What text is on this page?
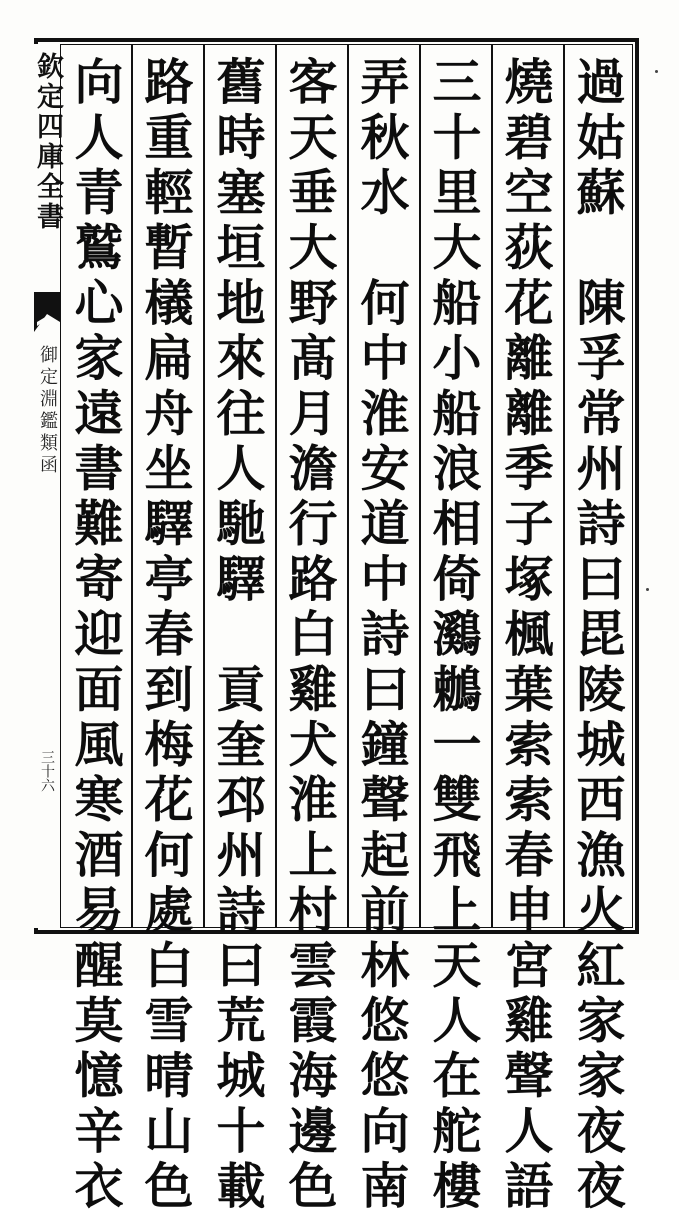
欽定四庫全書
御定淵鑑類函
三十六	過姑蘇　陳孚常州詩曰毘陵城西漁火紅家家夜夜
燒碧空荻花離離季子塚楓葉索索春申宮雞聲人語
三十里大船小船浪相倚鸂鶒一雙飛上天人在舵樓
弄秋水　何中淮安道中詩曰鐘聲起前林悠悠向南
客天垂大野髙月澹行路白雞犬淮上村雲霞海邊色
舊時塞垣地來往人馳驛　貢奎邳州詩曰荒城十載
路重輕暫檥扁舟坐驛亭春到梅花何處白雪晴山色
向人青鷲心家遠書難寄迎面風寒酒易醒莫憶辛衣
